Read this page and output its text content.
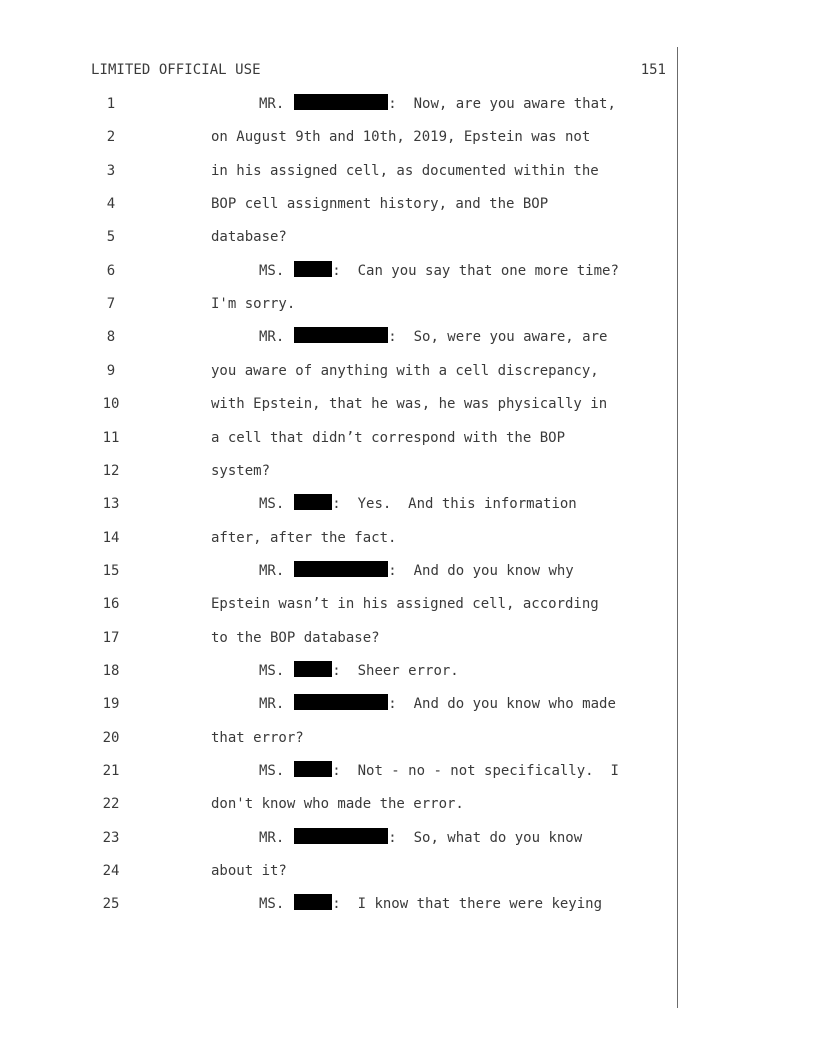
LIMITED OFFICIAL USE	151
1	MR.	:  Now, are you aware that,
2	on August 9th and 10th, 2019, Epstein was not
3	in his assigned cell, as documented within the
4	BOP cell assignment history, and the BOP
5	database?
6	MS.	:  Can you say that one more time?
7	I'm sorry.
8	MR.	:  So, were you aware, are
9	you aware of anything with a cell discrepancy,
10	with Epstein, that he was, he was physically in
11	a cell that didn’t correspond with the BOP
12	system?
13	MS.	:  Yes.  And this information
14	after, after the fact.
15	MR.	:  And do you know why
16	Epstein wasn’t in his assigned cell, according
17	to the BOP database?
18	MS.	:  Sheer error.
19	MR.	:  And do you know who made
20	that error?
21	MS.	:  Not - no - not specifically.  I
22	don't know who made the error.
23	MR.	:  So, what do you know
24	about it?
25	MS.	:  I know that there were keying
